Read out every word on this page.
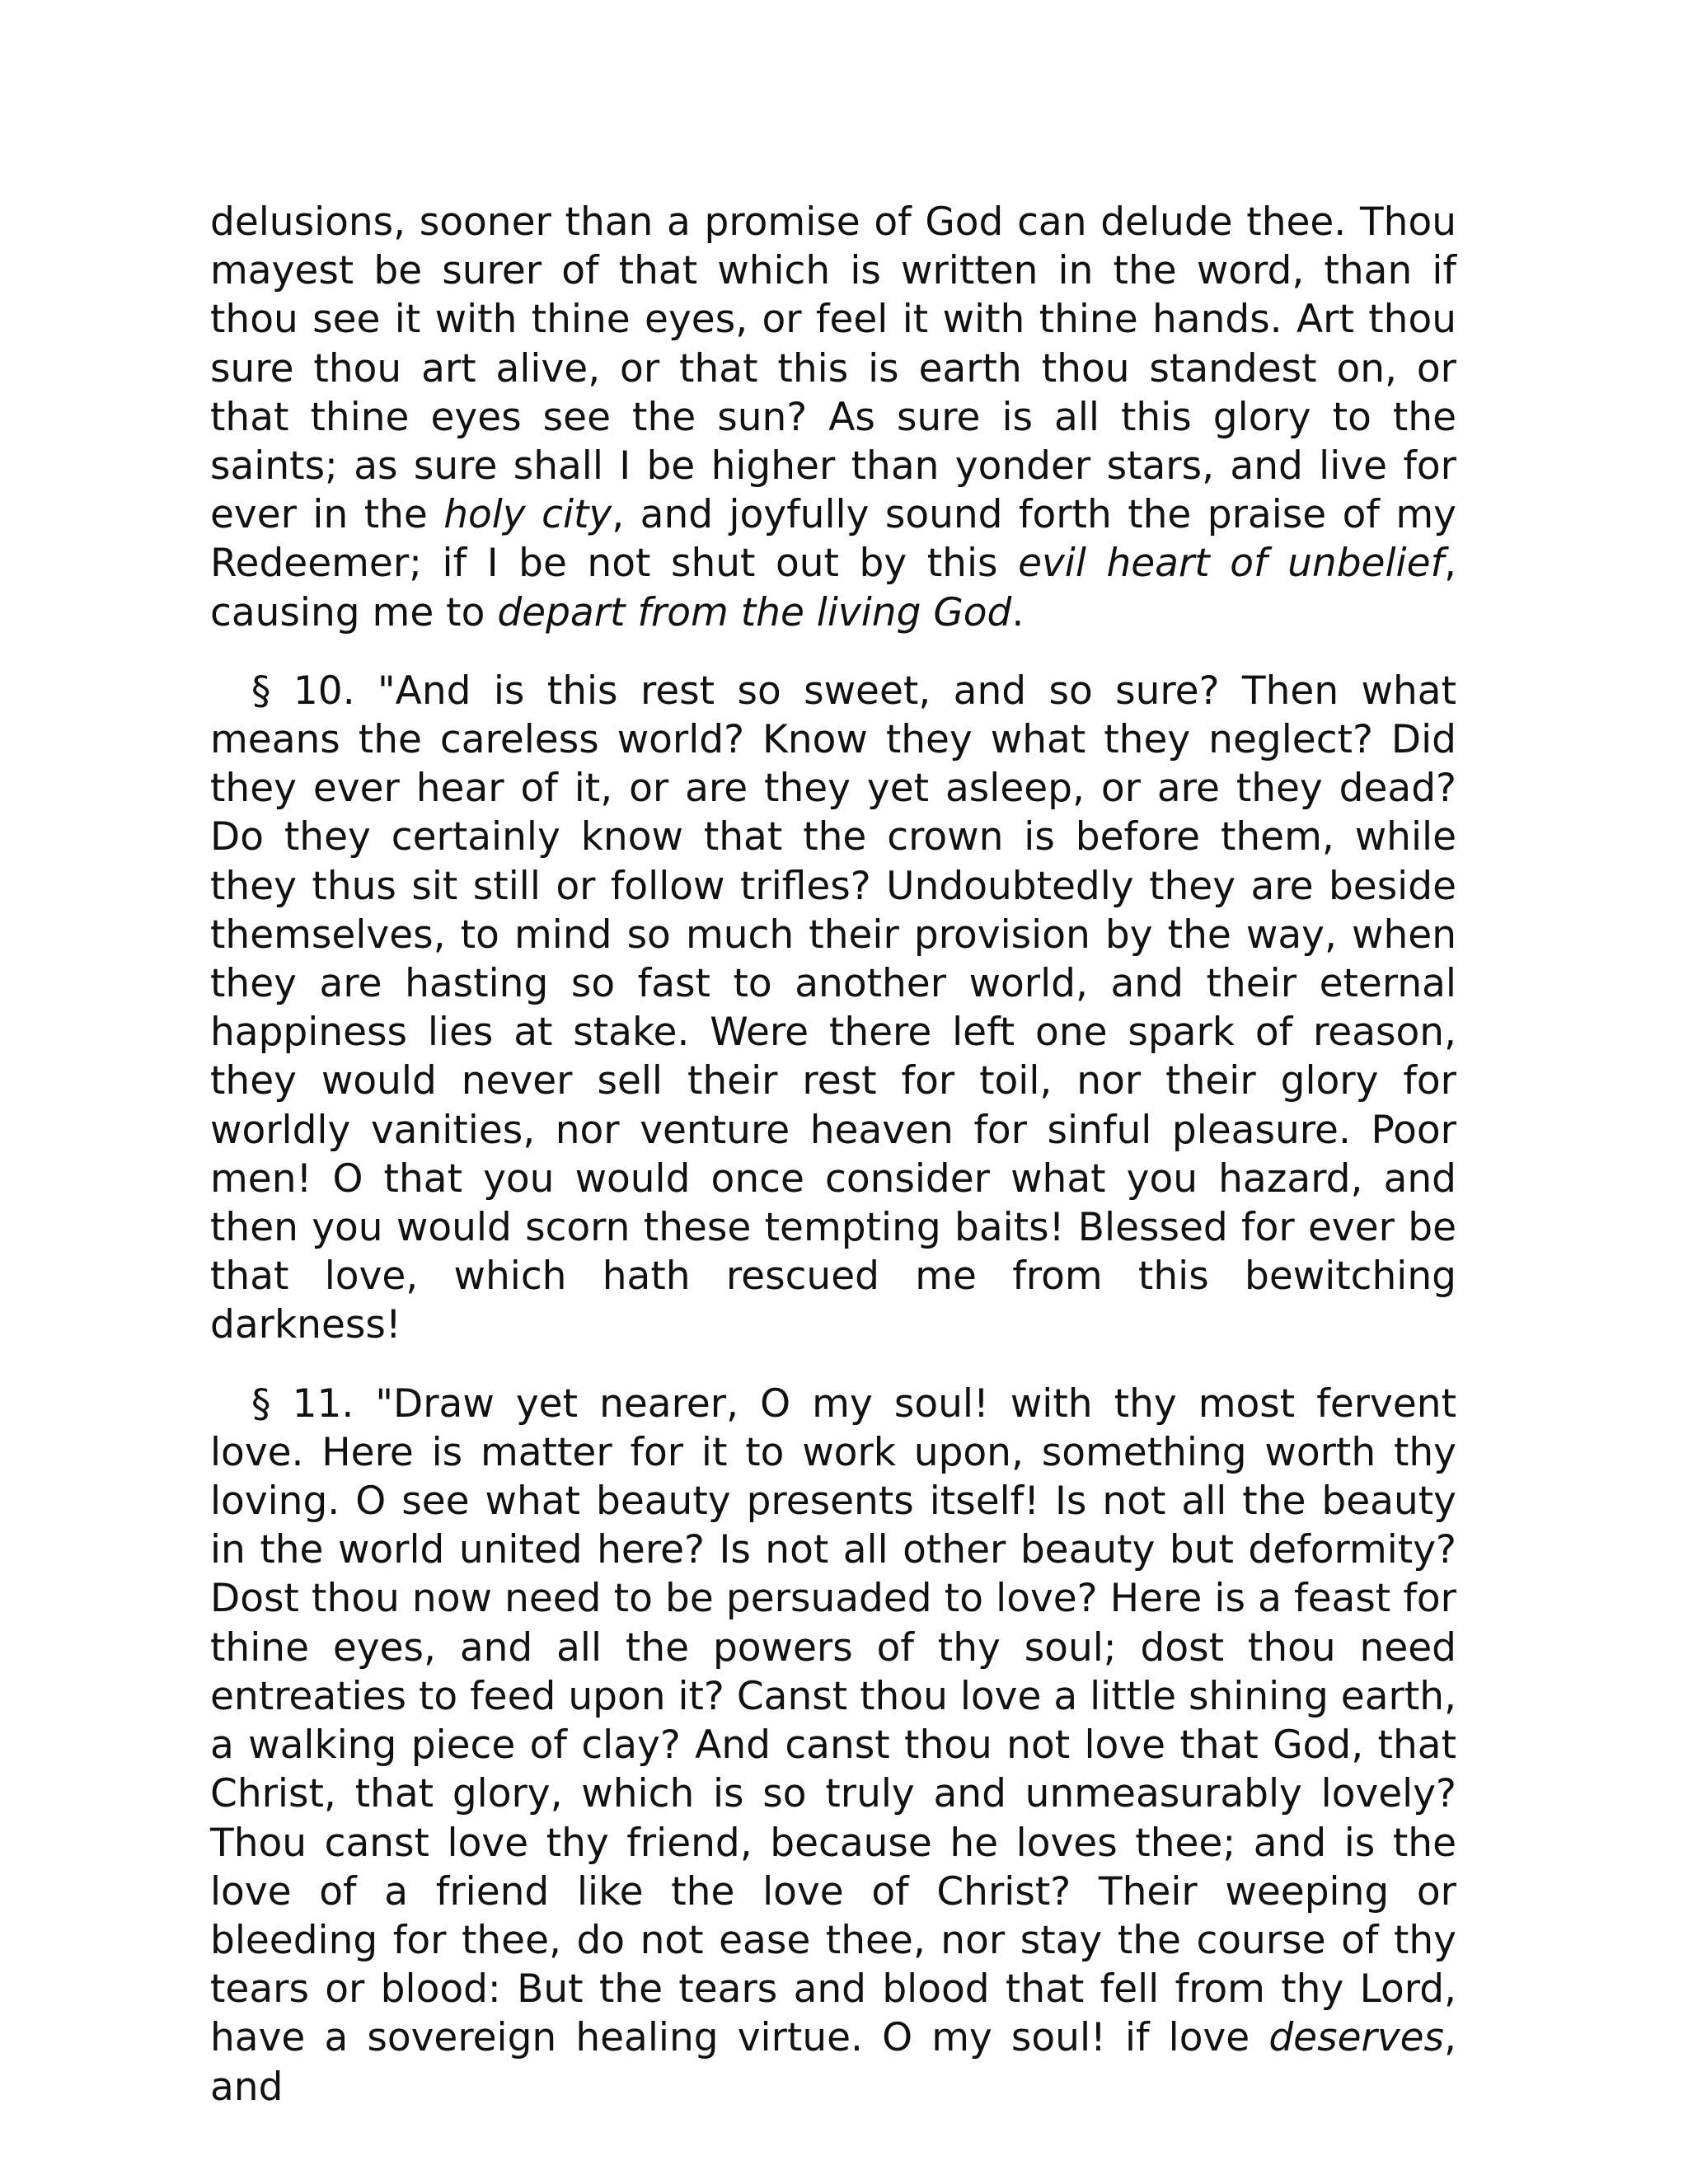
delusions, sooner than a promise of God can delude thee. Thou mayest be surer of that which is written in the word, than if thou see it with thine eyes, or feel it with thine hands. Art thou sure thou art alive, or that this is earth thou standest on, or that thine eyes see the sun? As sure is all this glory to the saints; as sure shall I be higher than yonder stars, and live for ever in the holy city, and joyfully sound forth the praise of my Redeemer; if I be not shut out by this evil heart of unbelief, causing me to depart from the living God.

§ 10. "And is this rest so sweet, and so sure? Then what means the careless world? Know they what they neglect? Did they ever hear of it, or are they yet asleep, or are they dead? Do they certainly know that the crown is before them, while they thus sit still or follow trifles? Undoubtedly they are beside themselves, to mind so much their provision by the way, when they are hasting so fast to another world, and their eternal happiness lies at stake. Were there left one spark of reason, they would never sell their rest for toil, nor their glory for worldly vanities, nor venture heaven for sinful pleasure. Poor men! O that you would once consider what you hazard, and then you would scorn these tempting baits! Blessed for ever be that love, which hath rescued me from this bewitching darkness!

§ 11. "Draw yet nearer, O my soul! with thy most fervent love. Here is matter for it to work upon, something worth thy loving. O see what beauty presents itself! Is not all the beauty in the world united here? Is not all other beauty but deformity? Dost thou now need to be persuaded to love? Here is a feast for thine eyes, and all the powers of thy soul; dost thou need entreaties to feed upon it? Canst thou love a little shining earth, a walking piece of clay? And canst thou not love that God, that Christ, that glory, which is so truly and unmeasurably lovely? Thou canst love thy friend, because he loves thee; and is the love of a friend like the love of Christ? Their weeping or bleeding for thee, do not ease thee, nor stay the course of thy tears or blood: But the tears and blood that fell from thy Lord, have a sovereign healing virtue. O my soul! if love deserves, and
